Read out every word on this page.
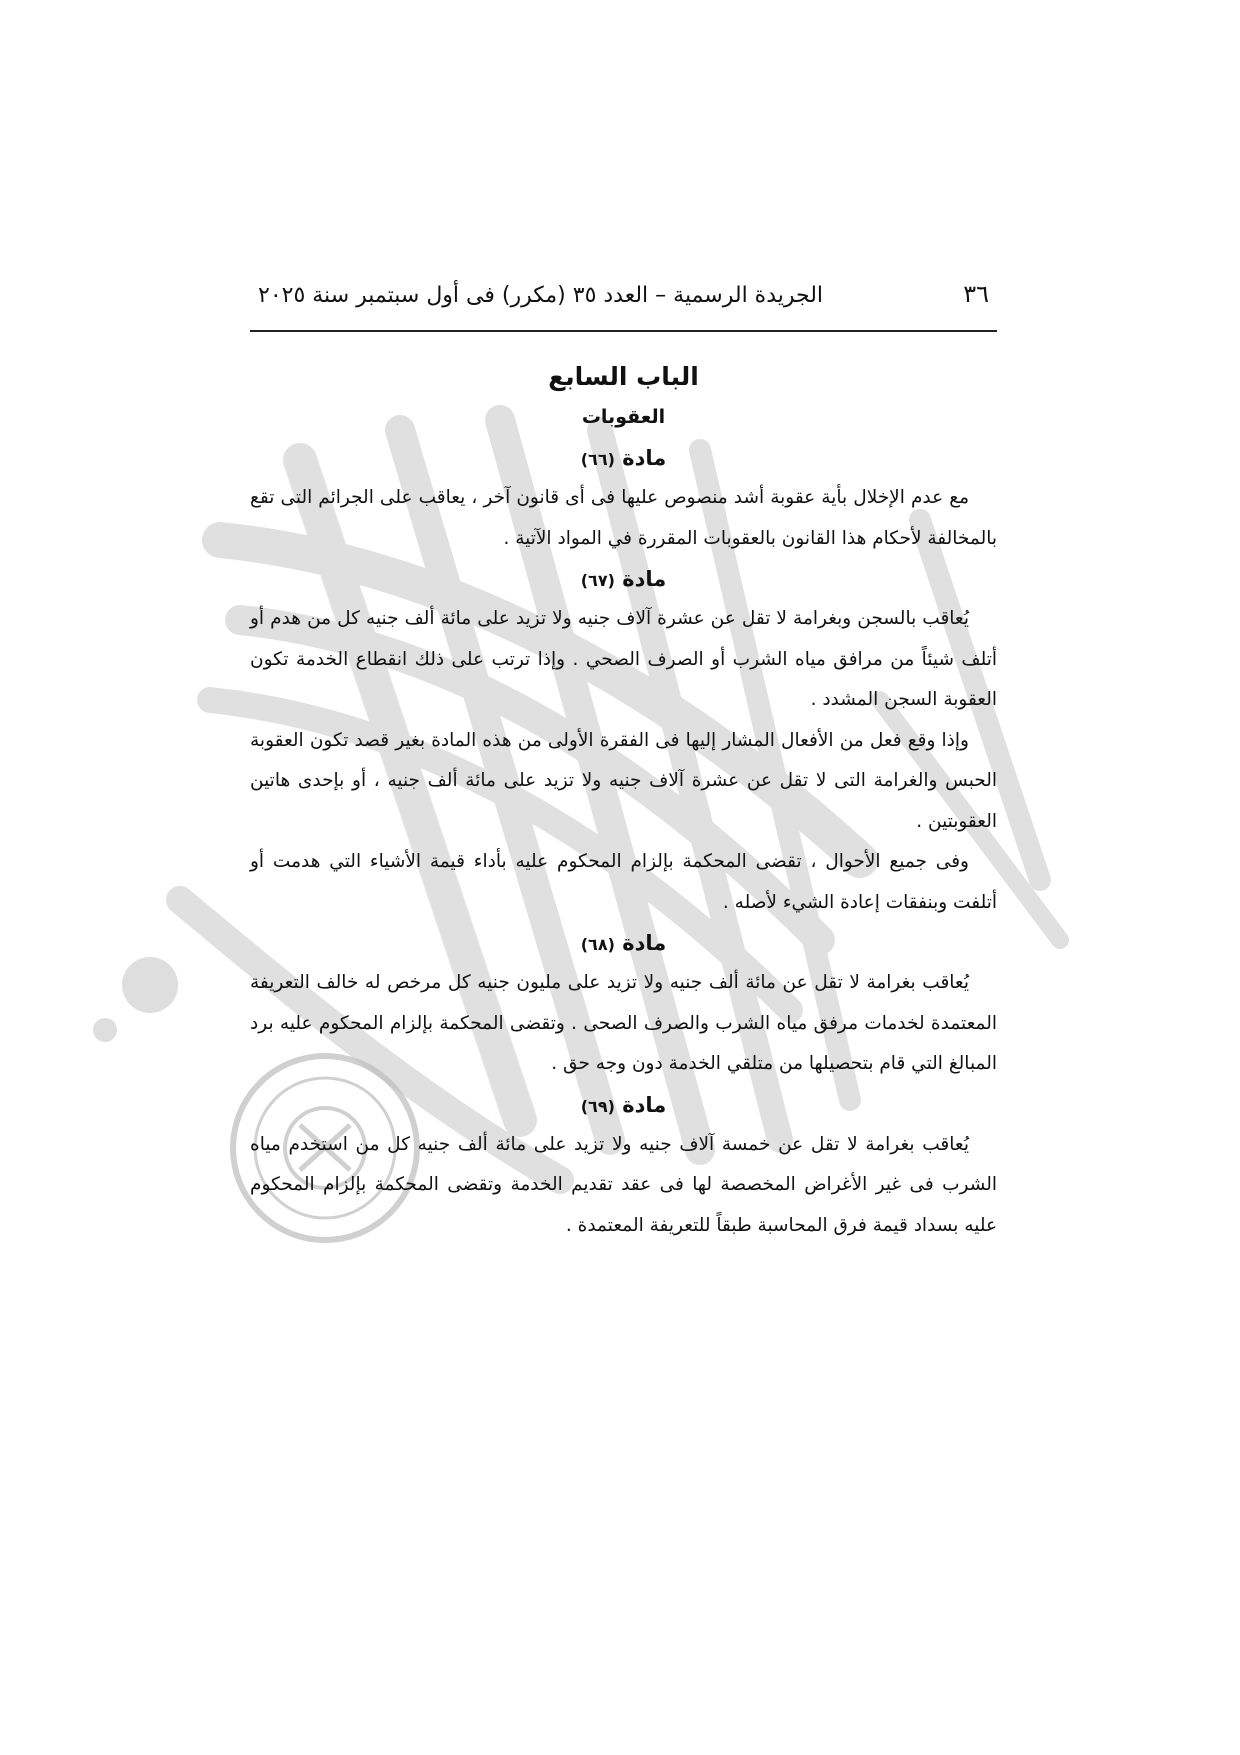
٣٦
الجريدة الرسمية – العدد ٣٥ (مكرر) فى أول سبتمبر سنة ٢٠٢٥
الباب السابع
العقوبات
مادة (٦٦)

مع عدم الإخلال بأية عقوبة أشد منصوص عليها فى أى قانون آخر ، يعاقب على الجرائم التى تقع بالمخالفة لأحكام هذا القانون بالعقوبات المقررة في المواد الآتية .

مادة (٦٧)

يُعاقب بالسجن وبغرامة لا تقل عن عشرة آلاف جنيه ولا تزيد على مائة ألف جنيه كل من هدم أو أتلف شيئاً من مرافق مياه الشرب أو الصرف الصحي . وإذا ترتب على ذلك انقطاع الخدمة تكون العقوبة السجن المشدد .

وإذا وقع فعل من الأفعال المشار إليها فى الفقرة الأولى من هذه المادة بغير قصد تكون العقوبة الحبس والغرامة التى لا تقل عن عشرة آلاف جنيه ولا تزيد على مائة ألف جنيه ، أو بإحدى هاتين العقوبتين .

وفى جميع الأحوال ، تقضى المحكمة بإلزام المحكوم عليه بأداء قيمة الأشياء التي هدمت أو أتلفت وبنفقات إعادة الشيء لأصله .

مادة (٦٨)

يُعاقب بغرامة لا تقل عن مائة ألف جنيه ولا تزيد على مليون جنيه كل مرخص له خالف التعريفة المعتمدة لخدمات مرفق مياه الشرب والصرف الصحى . وتقضى المحكمة بإلزام المحكوم عليه برد المبالغ التي قام بتحصيلها من متلقي الخدمة دون وجه حق .

مادة (٦٩)

يُعاقب بغرامة لا تقل عن خمسة آلاف جنيه ولا تزيد على مائة ألف جنيه كل من استخدم مياه الشرب فى غير الأغراض المخصصة لها فى عقد تقديم الخدمة وتقضى المحكمة بإلزام المحكوم عليه بسداد قيمة فرق المحاسبة طبقاً للتعريفة المعتمدة .
